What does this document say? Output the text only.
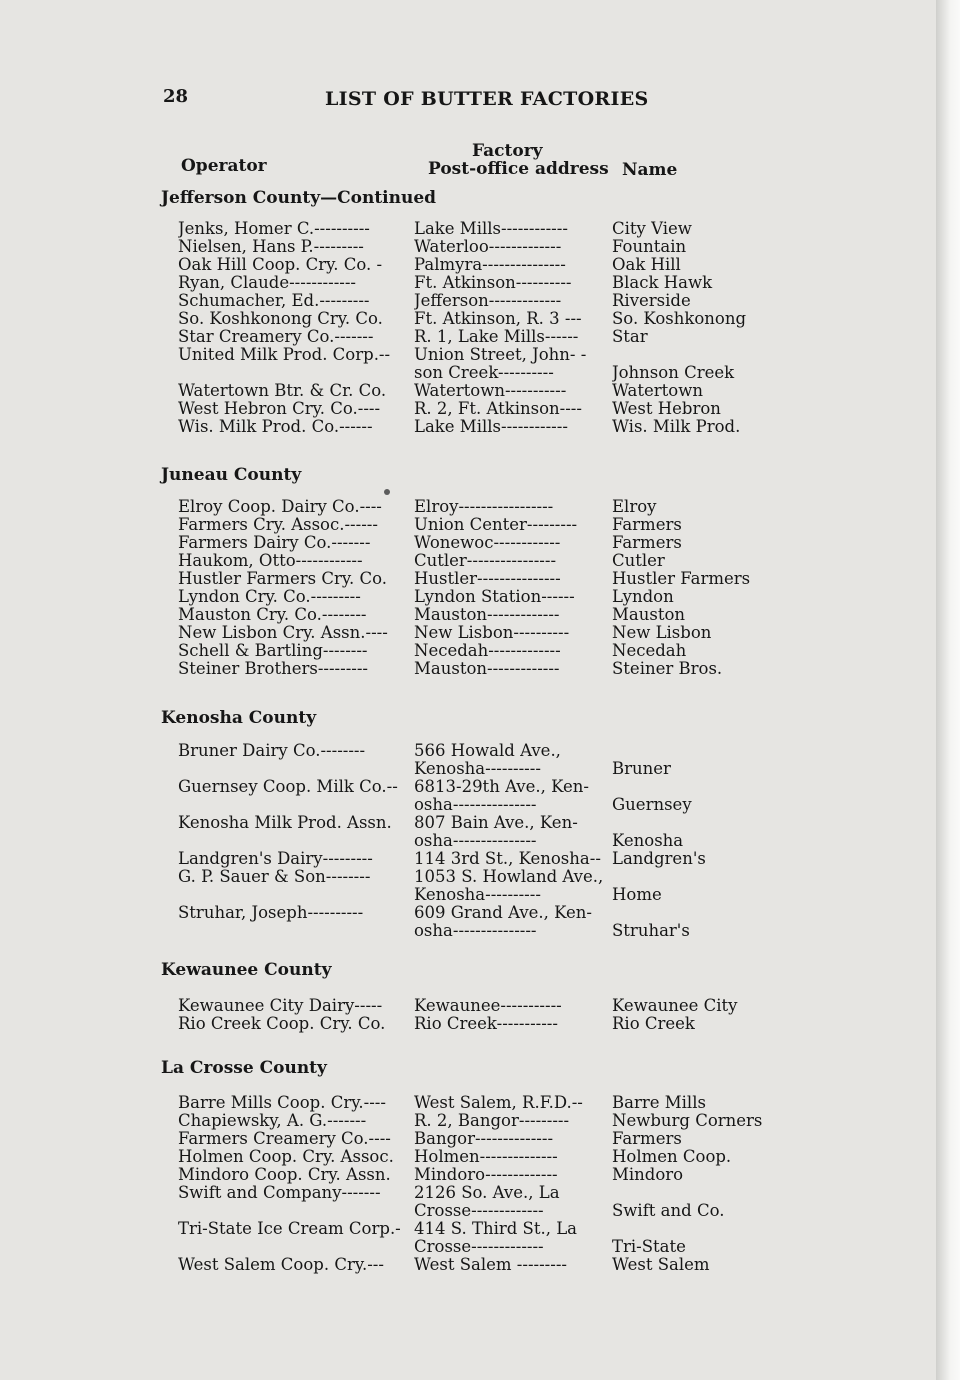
28	LIST OF BUTTER FACTORIES
Operator
Factory
Post-office address Name
Jefferson County—Continued
Jenks, Homer C.----------	Lake Mills------------	City View
Nielsen, Hans P.---------	Waterloo-------------	Fountain
Oak Hill Coop. Cry. Co. - Palmyra---------------	Oak Hill
Ryan, Claude------------	Ft. Atkinson---------- Black Hawk
Schumacher, Ed.---------	Jefferson-------------	Riverside
So. Koshkonong Cry. Co. Ft. Atkinson, R. 3 --- So. Koshkonong
Star Creamery Co.------- R. 1, Lake Mills------ Star
United Milk Prod. Corp.-- Union Street, John- -
son Creek----------	Johnson Creek
Watertown Btr. & Cr. Co. Watertown-----------	Watertown
West Hebron Cry. Co.---- R. 2, Ft. Atkinson---- West Hebron
Wis. Milk Prod. Co.------	Lake Mills------------	Wis. Milk Prod.
Juneau County
Elroy Coop. Dairy Co.---- Elroy-----------------	Elroy
Farmers Cry. Assoc.------ Union Center--------- Farmers
Farmers Dairy Co.-------	Wonewoc------------	Farmers
Haukom, Otto------------	Cutler----------------	Cutler
Hustler Farmers Cry. Co. Hustler---------------	Hustler Farmers
Lyndon Cry. Co.---------	Lyndon Station------ Lyndon
Mauston Cry. Co.--------	Mauston-------------	Mauston
New Lisbon Cry. Assn.---- New Lisbon----------	New Lisbon
Schell & Bartling--------	Necedah-------------	Necedah
Steiner Brothers---------	Mauston-------------	Steiner Bros.
Kenosha County
Bruner Dairy Co.--------	566 Howald Ave.,
Kenosha----------	Bruner
Guernsey Coop. Milk Co.-- 6813-29th Ave., Ken-
osha---------------	Guernsey
Kenosha Milk Prod. Assn. 807 Bain Ave., Ken-
osha---------------	Kenosha
Landgren's Dairy--------- 114 3rd St., Kenosha-- Landgren's
G. P. Sauer & Son--------	1053 S. Howland Ave.,
Kenosha----------	Home
Struhar, Joseph----------	609 Grand Ave., Ken-
osha---------------	Struhar's
Kewaunee County
Kewaunee City Dairy----- Kewaunee-----------	Kewaunee City
Rio Creek Coop. Cry. Co. Rio Creek-----------	Rio Creek
La Crosse County
Barre Mills Coop. Cry.---- West Salem, R.F.D.-- Barre Mills
Chapiewsky, A. G.-------	R. 2, Bangor---------	Newburg Corners
Farmers Creamery Co.---- Bangor--------------	Farmers
Holmen Coop. Cry. Assoc. Holmen--------------	Holmen Coop.
Mindoro Coop. Cry. Assn. Mindoro-------------	Mindoro
Swift and Company------- 2126 So. Ave., La
Crosse-------------	Swift and Co.
Tri-State Ice Cream Corp.- 414 S. Third St., La
Crosse-------------	Tri-State
West Salem Coop. Cry.--- West Salem ---------	West Salem
